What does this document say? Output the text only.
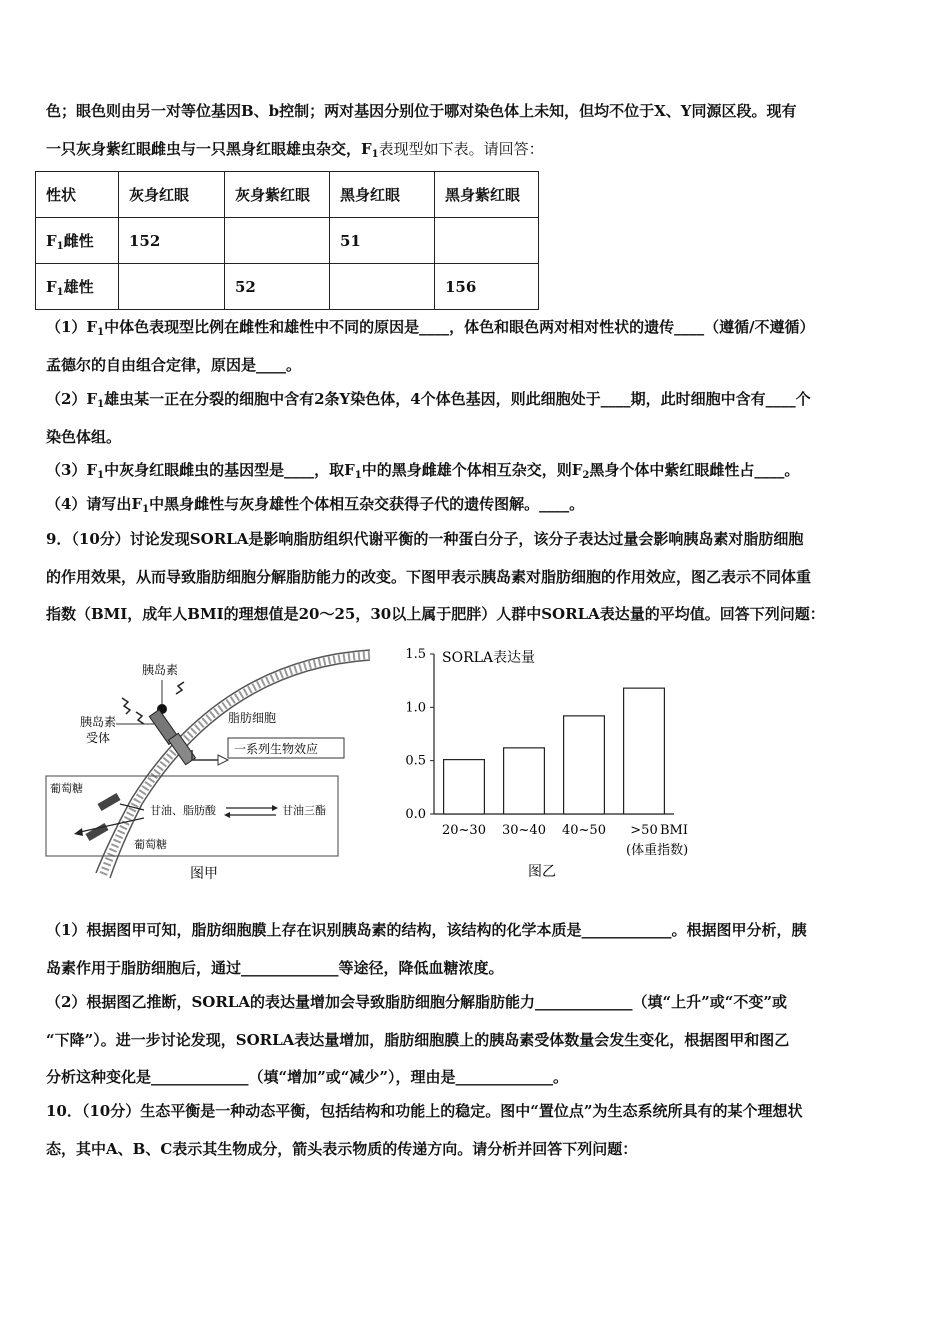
色；眼色则由另一对等位基因B、b控制；两对基因分别位于哪对染色体上未知，但均不位于X、Y同源区段。现有
一只灰身紫红眼雌虫与一只黑身红眼雄虫杂交，$F_1$表现型如下表。请回答：
性状	灰身红眼	灰身紫红眼	黑身红眼	黑身紫红眼
$F_1$雌性	152		51	
$F_1$雄性		52		156
$(1)F_1$中体色表现型比例在雌性和雄性中不同的原因是____，体色和眼色两对相对性状的遗传____（遵循/不遵循）
孟德尔的自由组合定律，原因是____。
$(2)F_1$雄虫某一正在分裂的细胞中含有2条Y染色体，4个体色基因，则此细胞处于____期，此时细胞中含有____个
染色体组。
$(3)F_1$中灰身红眼雌虫的基因型是____，取$F_1$中的黑身雌雄个体相互杂交，则$F_2$黑身个体中紫红眼雌性占____。
（4）请写出$F_1$中黑身雌性与灰身雄性个体相互杂交获得子代的遗传图解。____。
9．（10分）讨论发现SORLA是影响脂肪组织代谢平衡的一种蛋白分子，该分子表达过量会影响胰岛素对脂肪细胞
的作用效果，从而导致脂肪细胞分解脂肪能力的改变。下图甲表示胰岛素对脂肪细胞的作用效应，图乙表示不同体重
指数（BMI，成年人BMI的理想值是20～25，30以上属于肥胖）人群中SORLA表达量的平均值。回答下列问题：
胰岛素
胰岛素
受体
脂肪细胞
一系列生物效应
葡萄糖
甘油、脂肪酸	甘油三酯
葡萄糖
图甲
SORLA表达量
0.0
0.5
1.0
1.5
20~30 30~40 40~50 >50 BMI
(体重指数)
图乙
（1）根据图甲可知，脂肪细胞膜上存在识别胰岛素的结构，该结构的化学本质是____________。根据图甲分析，胰
岛素作用于脂肪细胞后，通过_____________等途径，降低血糖浓度。
（2）根据图乙推断，SORLA的表达量增加会导致脂肪细胞分解脂肪能力_____________（填“上升”或“不变”或
“下降”）。进一步讨论发现，SORLA表达量增加，脂肪细胞膜上的胰岛素受体数量会发生变化，根据图甲和图乙
分析这种变化是_____________（填“增加”或“减少”），理由是_____________。
10．（10分）生态平衡是一种动态平衡，包括结构和功能上的稳定。图中“置位点”为生态系统所具有的某个理想状
态，其中A、B、C表示其生物成分，箭头表示物质的传递方向。请分析并回答下列问题：
